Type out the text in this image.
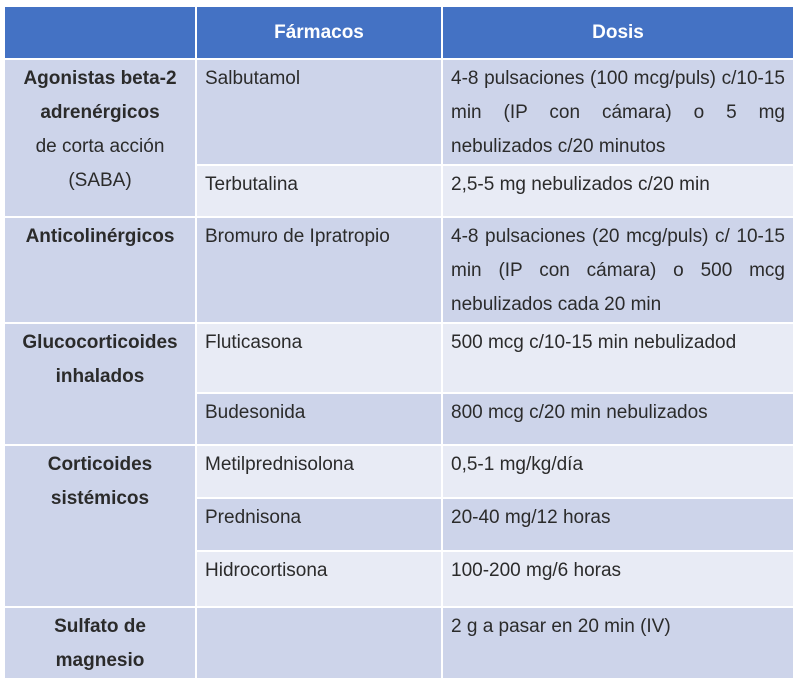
	Fármacos	Dosis

Agonistas beta-2 adrenérgicos
de corta acción (SABA)	Salbutamol	4-8 pulsaciones (100 mcg/puls) c/10-15 min (IP con cámara) o 5 mg nebulizados c/20 minutos
	Terbutalina	2,5-5 mg nebulizados c/20 min

Anticolinérgicos	Bromuro de Ipratropio	4-8 pulsaciones (20 mcg/puls) c/ 10-15 min (IP con cámara) o 500 mcg nebulizados cada 20 min

Glucocorticoides inhalados	Fluticasona	500 mcg c/10-15 min nebulizadod
	Budesonida	800 mcg c/20 min nebulizados

Corticoides sistémicos	Metilprednisolona	0,5-1 mg/kg/día
	Prednisona	20-40 mg/12 horas
	Hidrocortisona	100-200 mg/6 horas

Sulfato de magnesio		2 g a pasar en 20 min (IV)
